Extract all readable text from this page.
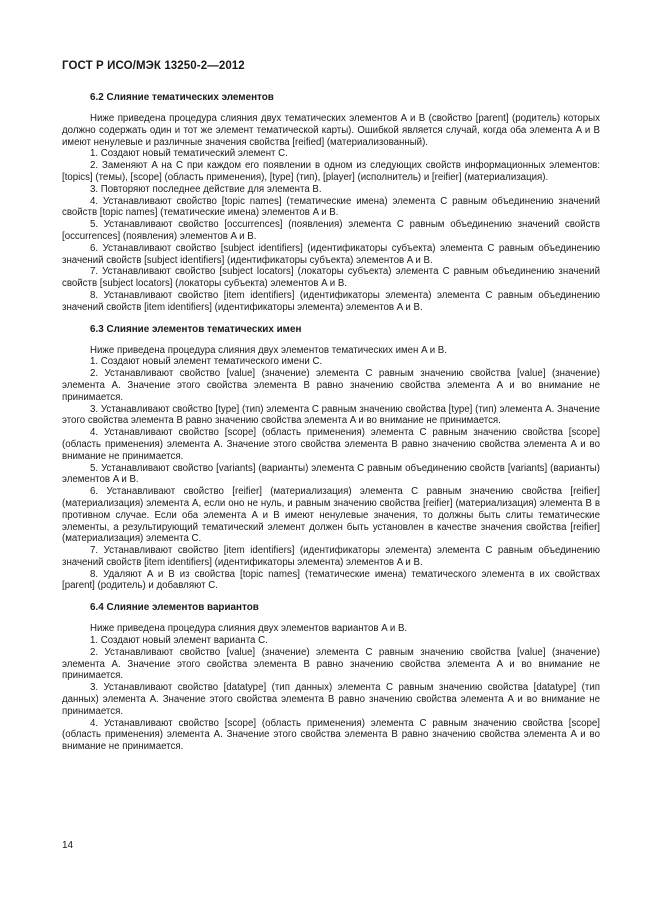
ГОСТ Р ИСО/МЭК 13250-2—2012
6.2 Слияние тематических элементов

Ниже приведена процедура слияния двух тематических элементов A и B (свойство [parent] (родитель) которых должно содержать один и тот же элемент тематической карты). Ошибкой является случай, когда оба элемента A и B имеют ненулевые и различные значения свойства [reified] (материализованный).

1. Создают новый тематический элемент C.

2. Заменяют A на C при каждом его появлении в одном из следующих свойств информационных элементов: [topics] (темы), [scope] (область применения), [type] (тип), [player] (исполнитель) и [reifier] (материализация).

3. Повторяют последнее действие для элемента B.

4. Устанавливают свойство [topic names] (тематические имена) элемента C равным объединению значений свойств [topic names] (тематические имена) элементов A и B.

5. Устанавливают свойство [occurrences] (появления) элемента C равным объединению значений свойств [occurrences] (появления) элементов A и B.

6. Устанавливают свойство [subject identifiers] (идентификаторы субъекта) элемента C равным объединению значений свойств [subject identifiers] (идентификаторы субъекта) элементов A и B.

7. Устанавливают свойство [subject locators] (локаторы субъекта) элемента C равным объединению значений свойств [subject locators] (локаторы субъекта) элементов A и B.

8. Устанавливают свойство [item identifiers] (идентификаторы элемента) элемента C равным объединению значений свойств [item identifiers] (идентификаторы элемента) элементов A и B.

6.3 Слияние элементов тематических имен

Ниже приведена процедура слияния двух элементов тематических имен A и B.

1. Создают новый элемент тематического имени C.

2. Устанавливают свойство [value] (значение) элемента C равным значению свойства [value] (значение) элемента A. Значение этого свойства элемента B равно значению свойства элемента A и во внимание не принимается.

3. Устанавливают свойство [type] (тип) элемента C равным значению свойства [type] (тип) элемента A. Значение этого свойства элемента B равно значению свойства элемента A и во внимание не принимается.

4. Устанавливают свойство [scope] (область применения) элемента C равным значению свойства [scope] (область применения) элемента A. Значение этого свойства элемента B равно значению свойства элемента A и во внимание не принимается.

5. Устанавливают свойство [variants] (варианты) элемента C равным объединению свойств [variants] (варианты) элементов A и B.

6. Устанавливают свойство [reifier] (материализация) элемента C равным значению свойства [reifier] (материализация) элемента A, если оно не нуль, и равным значению свойства [reifier] (материализация) элемента B в противном случае. Если оба элемента A и B имеют ненулевые значения, то должны быть слиты тематические элементы, а результирующий тематический элемент должен быть установлен в качестве значения свойства [reifier] (материализация) элемента C.

7. Устанавливают свойство [item identifiers] (идентификаторы элемента) элемента C равным объединению значений свойств [item identifiers] (идентификаторы элемента) элементов A и B.

8. Удаляют A и B из свойства [topic names] (тематические имена) тематического элемента в их свойствах [parent] (родитель) и добавляют C.

6.4 Слияние элементов вариантов

Ниже приведена процедура слияния двух элементов вариантов A и B.

1. Создают новый элемент варианта C.

2. Устанавливают свойство [value] (значение) элемента C равным значению свойства [value] (значение) элемента A. Значение этого свойства элемента B равно значению свойства элемента A и во внимание не принимается.

3. Устанавливают свойство [datatype] (тип данных) элемента C равным значению свойства [datatype] (тип данных) элемента A. Значение этого свойства элемента B равно значению свойства элемента A и во внимание не принимается.

4. Устанавливают свойство [scope] (область применения) элемента C равным значению свойства [scope] (область применения) элемента A. Значение этого свойства элемента B равно значению свойства элемента A и во внимание не принимается.

14
